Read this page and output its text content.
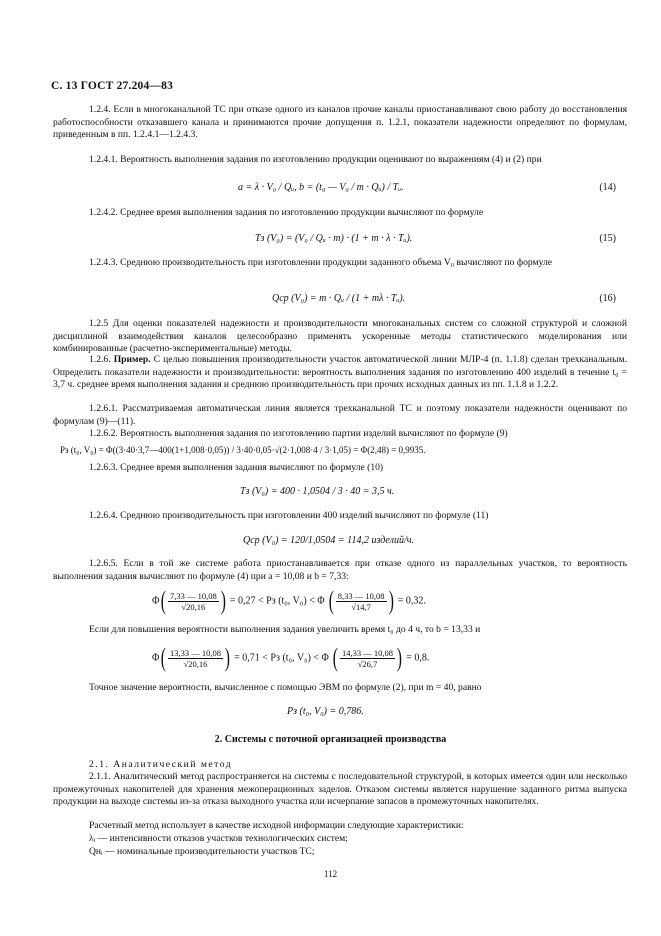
С. 13 ГОСТ 27.204—83
1.2.4. Если в многоканальной ТС при отказе одного из каналов прочие каналы приостанавливают свою работу до восстановления работоспособности отказавшего канала и принимаются прочие допущения п. 1.2.1, показатели надежности определяют по формулам, приведенным в пп. 1.2.4.1—1.2.4.3.
1.2.4.1. Вероятность выполнения задания по изготовлению продукции оценивают по выражениям (4) и (2) при
a = λ · V₀ / Qᵤ, b = (t₀ — V₀ / m · Qᵤ) / Tᵤ.	(14)
1.2.4.2. Среднее время выполнения задания по изготовлению продукции вычисляют по формуле
Tз (V₀) = (V₀ / Qᵤ · m) · (1 + m · λ · Tᵤ).	(15)
1.2.4.3. Среднюю производительность при изготовлении продукции заданного объема V₀ вычисляют по формуле
Qср (V₀) = m · Qᵤ / (1 + mλ · Tᵤ).	(16)
1.2.5 Для оценки показателей надежности и производительности многоканальных систем со сложной структурой и сложной дисциплиной взаимодействия каналов целесообразно применять ускоренные методы статистического моделирования или комбинированные (расчетно-экспериментальные) методы.
1.2.6. Пример. С целью повышения производительности участок автоматической линии МЛР-4 (п. 1.1.8) сделан трехканальным. Определить показатели надежности и производительности: вероятность выполнения задания по изготовлению 400 изделий в течение t₀ = 3,7 ч. среднее время выполнения задания и среднюю производительность при прочих исходных данных из пп. 1.1.8 и 1.2.2.
1.2.6.1. Рассматриваемая автоматическая линия является трехканальной ТС и поэтому показатели надежности оценивают по формулам (9)—(11).
1.2.6.2. Вероятность выполнения задания по изготовлению партии изделий вычисляют по формуле (9)
Pз (t₀, V₀) = Φ((3·40·3,7—400(1+1,008·0,05)) / 3·40·0,05·√(2·1,008·4 / 3·1,05) = Φ(2,48) = 0,9935.
1.2.6.3. Среднее время выполнения задания вычисляют по формуле (10)
Tз (V₀) = 400 · 1,0504 / 3 · 40 = 3,5 ч.
1.2.6.4. Среднюю производительность при изготовлении 400 изделий вычисляют по формуле (11)
Qср (V₀) = 120/1,0504 = 114,2 изделий/ч.
1.2.6.5. Если в той же системе работа приостанавливается при отказе одного из параллельных участков, то вероятность выполнения задания вычисляют по формуле (4) при a = 10,08 и b = 7,33:
$\Phi( \frac{7,33 — 10,08}{√20,16}$ ) = 0,27 < Pз (t₀, V₀) < Φ ( $\frac{8,33 — 10,08}{√14,7}$ ) = 0,32.
Если для повышения вероятности выполнения задания увеличить время t₀ до 4 ч, то b = 13,33 и
$\Phi( \frac{13,33 — 10,08}{√20,16}$ ) = 0,71 < Pз (t₀, V₀) < Φ ( $\frac{14,33 — 10,08}{√26,7}$ ) = 0,8.
Точное значение вероятности, вычисленное с помощью ЭВМ по формуле (2), при m = 40, равно
Pз (t₀, V₀) = 0,786.
2. Системы с поточной организацией производства
2.1. Аналитический метод
2.1.1. Аналитический метод распространяется на системы с последовательной структурой, в которых имеется один или несколько промежуточных накопителей для хранения межоперационных заделов. Отказом системы является нарушение заданного ритма выпуска продукции на выходе системы из-за отказа выходного участка или исчерпание запасов в промежуточных накопителях.
Расчетный метод использует в качестве исходной информации следующие характеристики:
λᵢ — интенсивности отказов участков технологических систем;
Qнᵢ — номинальные производительности участков ТС;
112
